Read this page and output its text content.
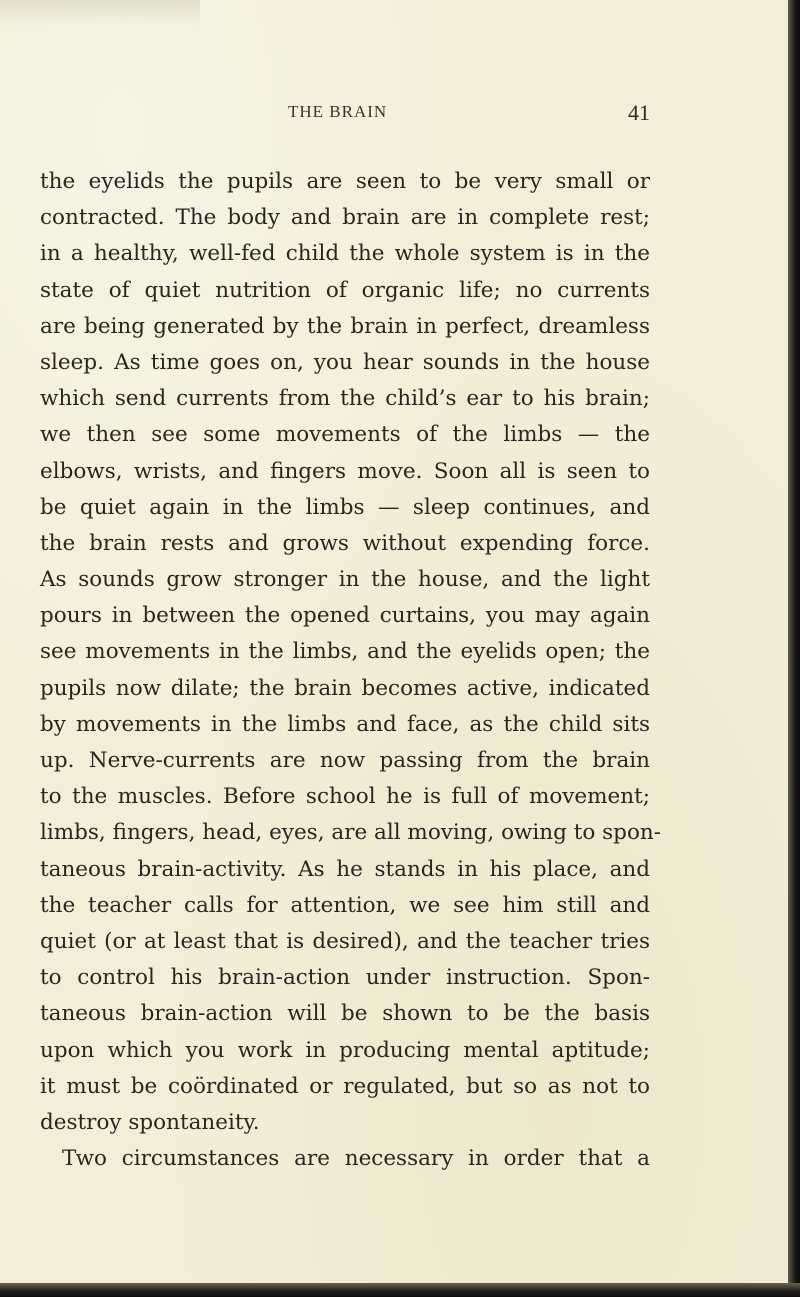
THE BRAIN	41
the eyelids the pupils are seen to be very small or
contracted. The body and brain are in complete rest;
in a healthy, well-fed child the whole system is in the
state of quiet nutrition of organic life; no currents
are being generated by the brain in perfect, dreamless
sleep. As time goes on, you hear sounds in the house
which send currents from the child’s ear to his brain;
we then see some movements of the limbs — the
elbows, wrists, and fingers move. Soon all is seen to
be quiet again in the limbs — sleep continues, and
the brain rests and grows without expending force.
As sounds grow stronger in the house, and the light
pours in between the opened curtains, you may again
see movements in the limbs, and the eyelids open; the
pupils now dilate; the brain becomes active, indicated
by movements in the limbs and face, as the child sits
up. Nerve-currents are now passing from the brain
to the muscles. Before school he is full of movement;
limbs, fingers, head, eyes, are all moving, owing to spon-
taneous brain-activity. As he stands in his place, and
the teacher calls for attention, we see him still and
quiet (or at least that is desired), and the teacher tries
to control his brain-action under instruction. Spon-
taneous brain-action will be shown to be the basis
upon which you work in producing mental aptitude;
it must be coördinated or regulated, but so as not to
destroy spontaneity.
Two circumstances are necessary in order that a
